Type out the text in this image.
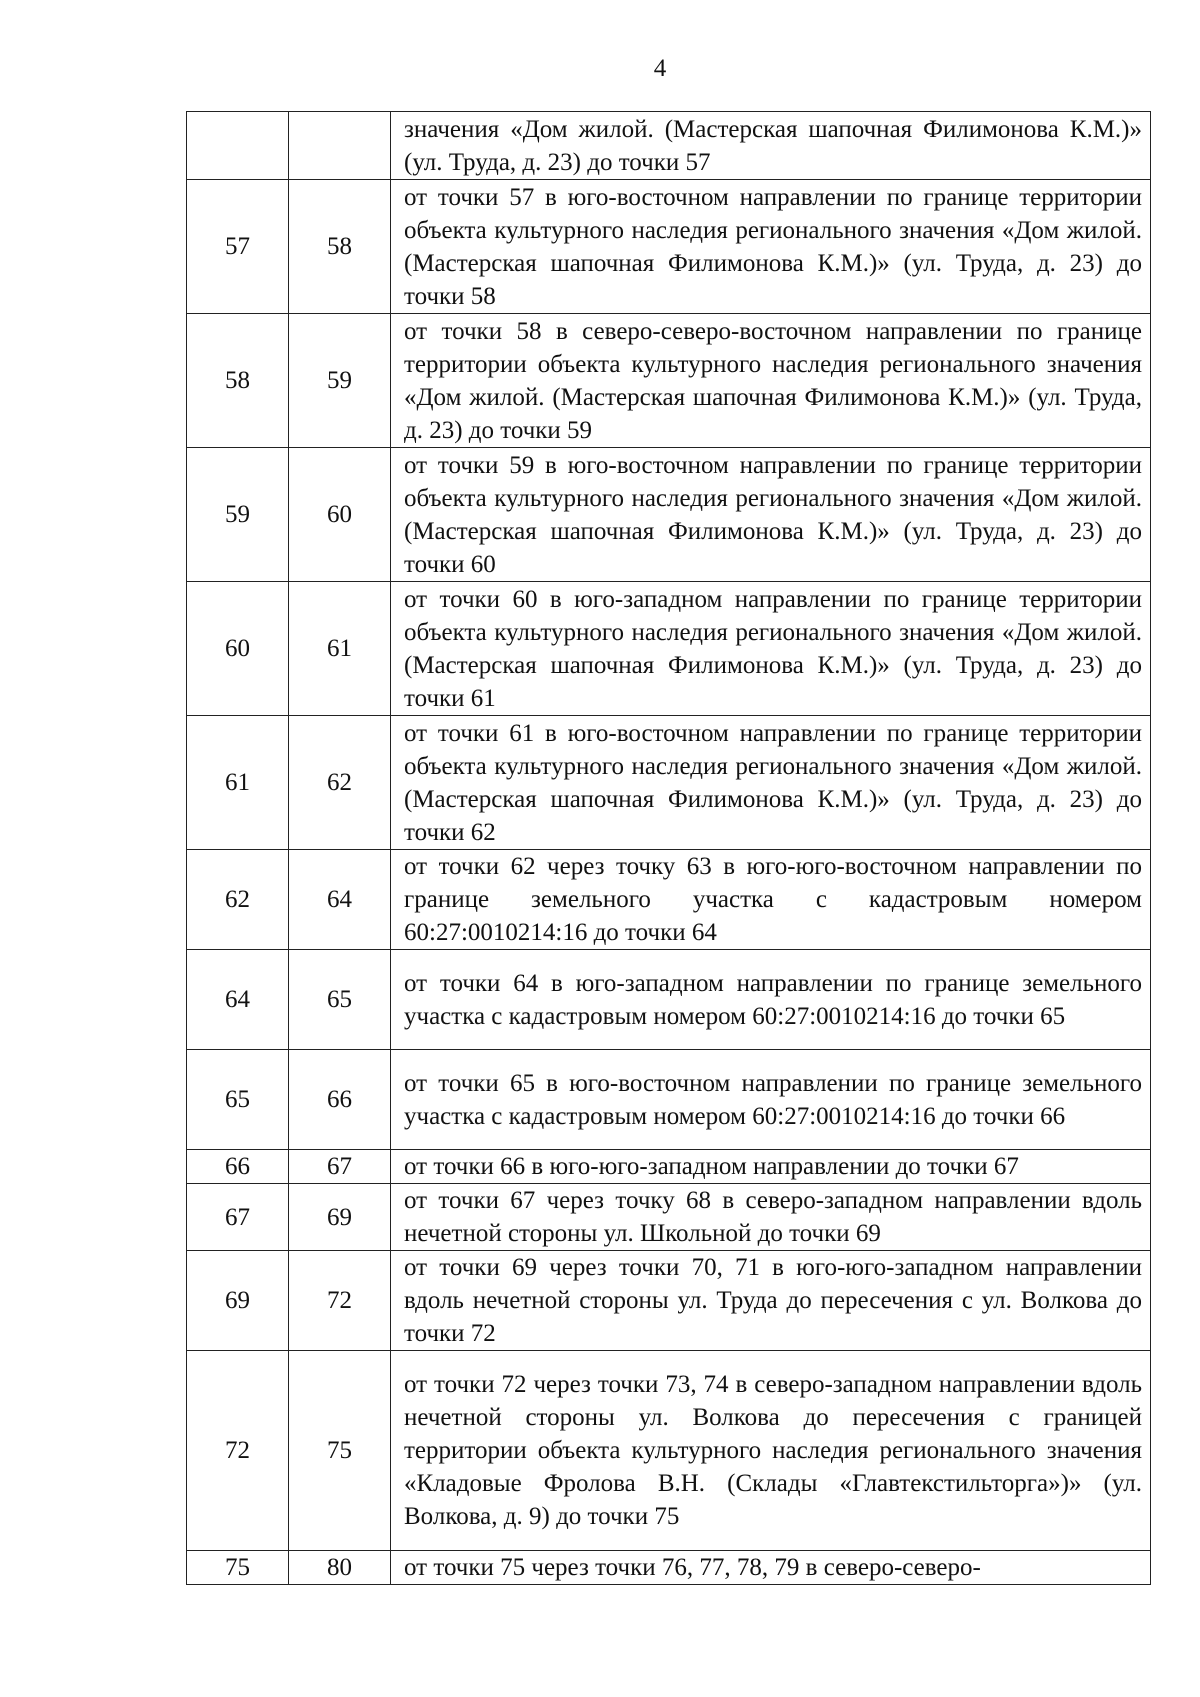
4

		значения «Дом жилой. (Мастерская шапочная Филимонова К.М.)» (ул. Труда, д. 23) до точки 57

57	58	от точки 57 в юго-восточном направлении по границе территории объекта культурного наследия регионального значения «Дом жилой. (Мастерская шапочная Филимонова К.М.)» (ул. Труда, д. 23) до точки 58

58	59	от точки 58 в северо-северо-восточном направлении по границе территории объекта культурного наследия регионального значения «Дом жилой. (Мастерская шапочная Филимонова К.М.)» (ул. Труда, д. 23) до точки 59

59	60	от точки 59 в юго-восточном направлении по границе территории объекта культурного наследия регионального значения «Дом жилой. (Мастерская шапочная Филимонова К.М.)» (ул. Труда, д. 23) до точки 60

60	61	от точки 60 в юго-западном направлении по границе территории объекта культурного наследия регионального значения «Дом жилой. (Мастерская шапочная Филимонова К.М.)» (ул. Труда, д. 23) до точки 61

61	62	от точки 61 в юго-восточном направлении по границе территории объекта культурного наследия регионального значения «Дом жилой. (Мастерская шапочная Филимонова К.М.)» (ул. Труда, д. 23) до точки 62

62	64	от точки 62 через точку 63 в юго-юго-восточном направлении по границе земельного участка с кадастровым номером 60:27:0010214:16 до точки 64

64	65	от точки 64 в юго-западном направлении по границе земельного участка с кадастровым номером 60:27:0010214:16 до точки 65

65	66	от точки 65 в юго-восточном направлении по границе земельного участка с кадастровым номером 60:27:0010214:16 до точки 66

66	67	от точки 66 в юго-юго-западном направлении до точки 67

67	69	от точки 67 через точку 68 в северо-западном направлении вдоль нечетной стороны ул. Школьной до точки 69

69	72	от точки 69 через точки 70, 71 в юго-юго-западном направлении вдоль нечетной стороны ул. Труда до пересечения с ул. Волкова до точки 72

72	75	от точки 72 через точки 73, 74 в северо-западном направлении вдоль нечетной стороны ул. Волкова до пересечения с границей территории объекта культурного наследия регионального значения «Кладовые Фролова В.Н. (Склады «Главтекстильторга»)» (ул. Волкова, д. 9) до точки 75

75	80	от точки 75 через точки 76, 77, 78, 79 в северо-северо-
